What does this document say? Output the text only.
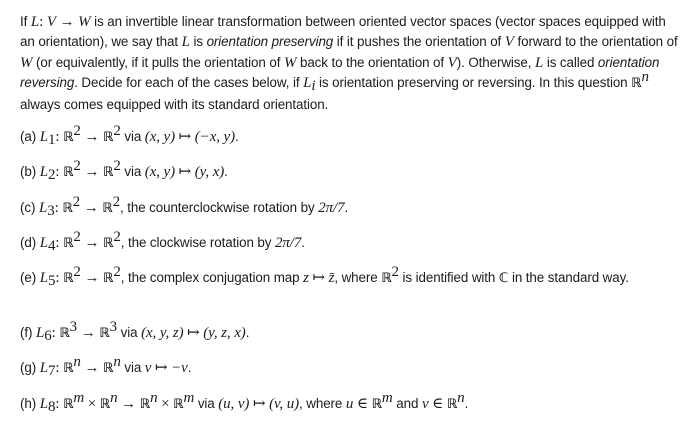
If L: V → W is an invertible linear transformation between oriented vector spaces (vector spaces equipped with an orientation), we say that L is orientation preserving if it pushes the orientation of V forward to the orientation of W (or equivalently, if it pulls the orientation of W back to the orientation of V). Otherwise, L is called orientation reversing. Decide for each of the cases below, if $L_i$ is orientation preserving or reversing. In this question ℝ$^n$ always comes equipped with its standard orientation.

(a) $L_1$: ℝ$^2$ → ℝ$^2$ via (x, y) ↦ (−x, y).
(b) $L_2$: ℝ$^2$ → ℝ$^2$ via (x, y) ↦ (y, x).
(c) $L_3$: ℝ$^2$ → ℝ$^2$, the counterclockwise rotation by 2π/7.
(d) $L_4$: ℝ$^2$ → ℝ$^2$, the clockwise rotation by 2π/7.
(e) $L_5$: ℝ$^2$ → ℝ$^2$, the complex conjugation map z ↦ z̄, where ℝ$^2$ is identified with ℂ in the standard way.
(f) $L_6$: ℝ$^3$ → ℝ$^3$ via (x, y, z) ↦ (y, z, x).
(g) $L_7$: ℝ$^n$ → ℝ$^n$ via v ↦ −v.
(h) $L_8$: ℝ$^m$ × ℝ$^n$ → ℝ$^n$ × ℝ$^m$ via (u, v) ↦ (v, u), where u ∈ ℝ$^m$ and v ∈ ℝ$^n$.
